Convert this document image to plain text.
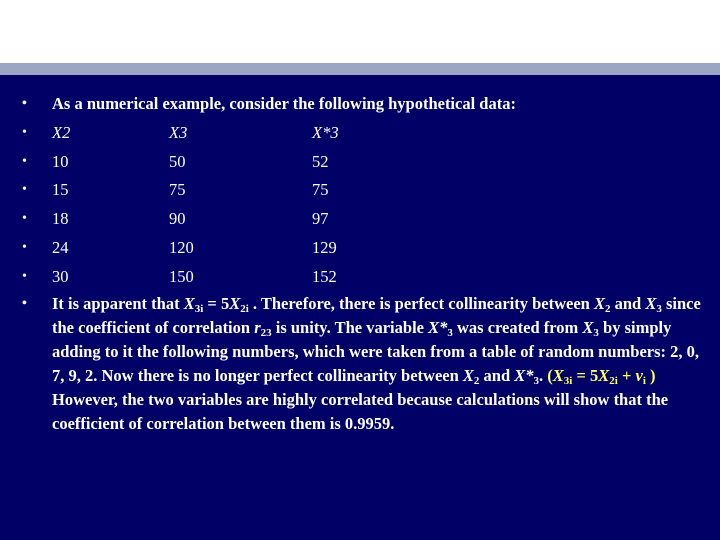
• As a numerical example, consider the following hypothetical data:
• X2	X3	X*3
• 10	50	52
• 15	75	75
• 18	90	97
• 24	120	129
• 30	150	152
• It is apparent that $X_{3i} = 5X_{2i}$ . Therefore, there is perfect collinearity between $X_2$ and $X_3$ since the coefficient of correlation $r_{23}$ is unity. The variable $X*_3$ was created from $X_3$ by simply adding to it the following numbers, which were taken from a table of random numbers: 2, 0, 7, 9, 2. Now there is no longer perfect collinearity between $X_2$ and $X*_3$. ($X_{3i} = 5X_{2i} + v_i$ ) However, the two variables are highly correlated because calculations will show that the coefficient of correlation between them is 0.9959.
